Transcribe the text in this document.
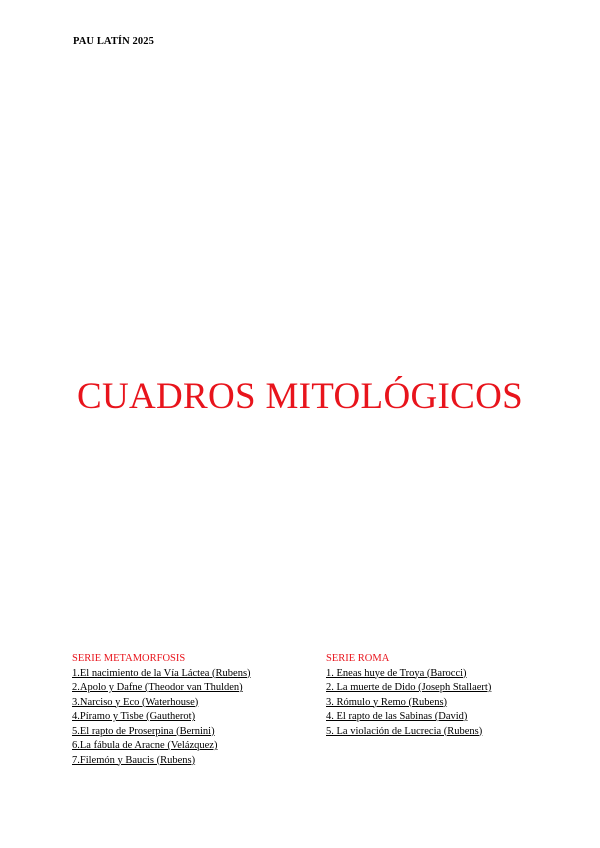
PAU LATÍN 2025
CUADROS MITOLÓGICOS
SERIE METAMORFOSIS
1.El nacimiento de la Vía Láctea (Rubens)
2.Apolo y Dafne (Theodor van Thulden)
3.Narciso y Eco (Waterhouse)
4.Píramo y Tisbe (Gautherot)
5.El rapto de Proserpina (Bernini)
6.La fábula de Aracne (Velázquez)
7.Filemón y Baucis (Rubens)
SERIE ROMA
1. Eneas huye de Troya (Barocci)
2. La muerte de Dido (Joseph Stallaert)
3. Rómulo y Remo (Rubens)
4. El rapto de las Sabinas (David)
5. La violación de Lucrecia (Rubens)
